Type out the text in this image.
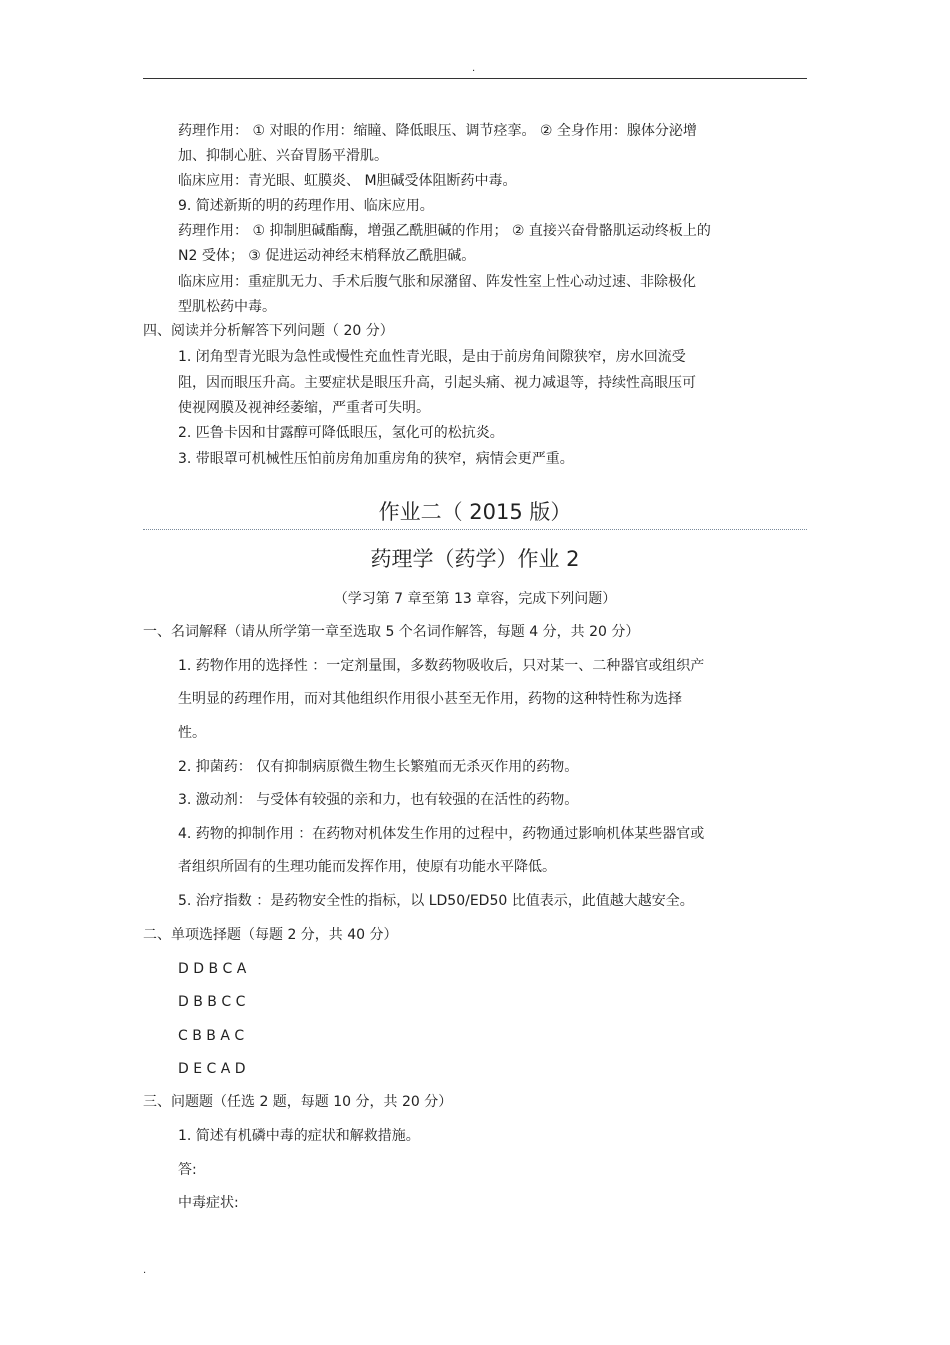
.
药理作用： ① 对眼的作用：缩瞳、降低眼压、调节痉挛。 ② 全身作用：腺体分泌增
加、抑制心脏、兴奋胃肠平滑肌。
临床应用：青光眼、虹膜炎、 M胆碱受体阻断药中毒。
9. 简述新斯的明的药理作用、临床应用。
药理作用： ① 抑制胆碱酯酶，增强乙酰胆碱的作用； ② 直接兴奋骨骼肌运动终板上的
N2 受体； ③ 促进运动神经末梢释放乙酰胆碱。
临床应用：重症肌无力、手术后腹气胀和尿潴留、阵发性室上性心动过速、非除极化
型肌松药中毒。
四、阅读并分析解答下列问题（ 20 分）
1. 闭角型青光眼为急性或慢性充血性青光眼，是由于前房角间隙狭窄，房水回流受
阻，因而眼压升高。主要症状是眼压升高，引起头痛、视力减退等，持续性高眼压可
使视网膜及视神经萎缩，严重者可失明。
2. 匹鲁卡因和甘露醇可降低眼压，氢化可的松抗炎。
3. 带眼罩可机械性压怕前房角加重房角的狭窄，病情会更严重。
作业二（ 2015 版）
药理学（药学）作业 2
（学习第 7 章至第 13 章容，完成下列问题）
一、名词解释（请从所学第一章至选取 5 个名词作解答，每题 4 分，共 20 分）
1. 药物作用的选择性 ：一定剂量围，多数药物吸收后，只对某一、二种器官或组织产
生明显的药理作用，而对其他组织作用很小甚至无作用，药物的这种特性称为选择
性。
2. 抑菌药： 仅有抑制病原微生物生长繁殖而无杀灭作用的药物。
3. 激动剂： 与受体有较强的亲和力，也有较强的在活性的药物。
4. 药物的抑制作用 ：在药物对机体发生作用的过程中，药物通过影响机体某些器官或
者组织所固有的生理功能而发挥作用，使原有功能水平降低。
5. 治疗指数 ：是药物安全性的指标，以 LD50/ED50 比值表示，此值越大越安全。
二、单项选择题（每题 2 分，共 40 分）
D D B C A
D B B C C
C B B A C
D E C A D
三、问题题（任选 2 题，每题 10 分，共 20 分）
1. 简述有机磷中毒的症状和解救措施。
答:
中毒症状:
.
